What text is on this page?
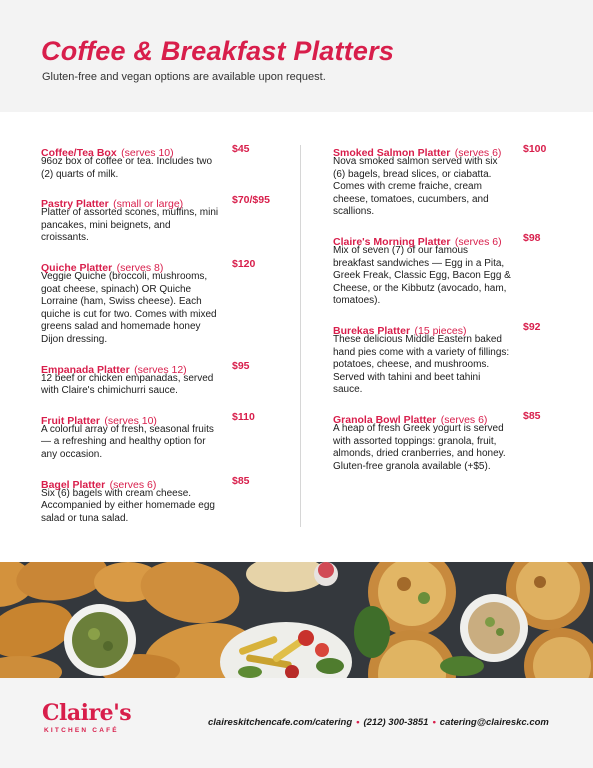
Coffee & Breakfast Platters

Gluten-free and vegan options are available upon request.

Coffee/Tea Box (serves 10)	$45

96oz box of coffee or tea. Includes two (2) quarts of milk.

Pastry Platter (small or large)	$70/$95

Platter of assorted scones, muffins, mini pancakes, mini beignets, and croissants.

Quiche Platter (serves 8)	$120

Veggie Quiche (broccoli, mushrooms, goat cheese, spinach) OR Quiche Lorraine (ham, Swiss cheese). Each quiche is cut for two. Comes with mixed greens salad and homemade honey Dijon dressing.

Empanada Platter (serves 12)	$95

12 beef or chicken empanadas, served with Claire's chimichurri sauce.

Fruit Platter (serves 10)	$110

A colorful array of fresh, seasonal fruits — a refreshing and healthy option for any occasion.

Bagel Platter (serves 6)	$85

Six (6) bagels with cream cheese. Accompanied by either homemade egg salad or tuna salad.

Smoked Salmon Platter (serves 6) $100

Nova smoked salmon served with six (6) bagels, bread slices, or ciabatta. Comes with creme fraiche, cream cheese, tomatoes, cucumbers, and scallions.

Claire's Morning Platter (serves 6) $98

Mix of seven (7) of our famous breakfast sandwiches — Egg in a Pita, Greek Freak, Classic Egg, Bacon Egg & Cheese, or the Kibbutz (avocado, ham, tomatoes).

Burekas Platter (15 pieces)	$92

These delicious Middle Eastern baked hand pies come with a variety of fillings: potatoes, cheese, and mushrooms. Served with tahini and beet tahini sauce.

Granola Bowl Platter (serves 6)	$85

A heap of fresh Greek yogurt is served with assorted toppings: granola, fruit, almonds, dried cranberries, and honey. Gluten-free granola available (+$5).

Claire's
KITCHEN CAFÉ
claireskitchencafe.com/catering • (212) 300-3851 • catering@claireskc.com
